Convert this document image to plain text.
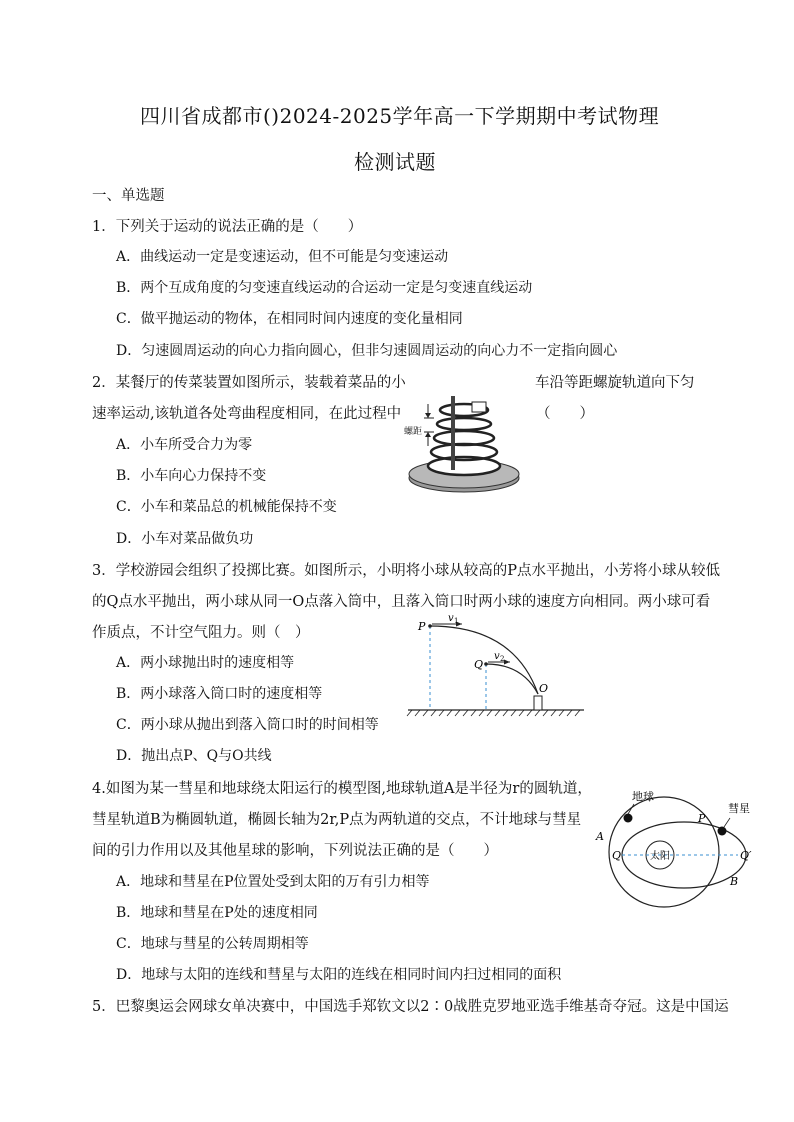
四川省成都市()2024-2025学年高一下学期期中考试物理
检测试题
一、单选题
1．下列关于运动的说法正确的是（　　）
A．曲线运动一定是变速运动，但不可能是匀变速运动
B．两个互成角度的匀变速直线运动的合运动一定是匀变速直线运动
C．做平抛运动的物体，在相同时间内速度的变化量相同
D．匀速圆周运动的向心力指向圆心，但非匀速圆周运动的向心力不一定指向圆心
2．某餐厅的传菜装置如图所示，装载着菜品的小	车沿等距螺旋轨道向下匀
速率运动,该轨道各处弯曲程度相同，在此过程中	（　　）
A．小车所受合力为零
B．小车向心力保持不变
C．小车和菜品总的机械能保持不变
D．小车对菜品做负功
螺距
3．学校游园会组织了投掷比赛。如图所示，小明将小球从较高的P点水平抛出，小芳将小球从较低
的Q点水平抛出，两小球从同一O点落入筒中，且落入筒口时两小球的速度方向相同。两小球可看
作质点，不计空气阻力。则（　）
A．两小球抛出时的速度相等
B．两小球落入筒口时的速度相等
C．两小球从抛出到落入筒口时的时间相等
D．抛出点P、Q与O共线
P
Q
O
v 1
v 2
4.如图为某一彗星和地球绕太阳运行的模型图,地球轨道A是半径为r的圆轨道，
彗星轨道B为椭圆轨道，椭圆长轴为2r,P点为两轨道的交点，不计地球与彗星
间的引力作用以及其他星球的影响，下列说法正确的是（　　）
A．地球和彗星在P位置处受到太阳的万有引力相等
B．地球和彗星在P处的速度相同
C．地球与彗星的公转周期相等
D．地球与太阳的连线和彗星与太阳的连线在相同时间内扫过相同的面积
地球
彗星
太阳
A
B
P
Q	Q′
5．巴黎奥运会网球女单决赛中，中国选手郑钦文以2∶0战胜克罗地亚选手维基奇夺冠。这是中国运
